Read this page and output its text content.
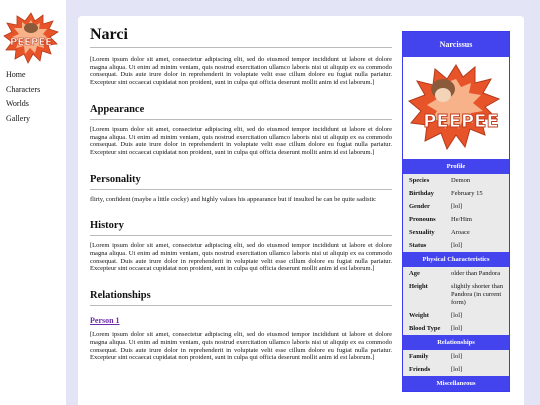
PEEPEE
Home
Characters
Worlds
Gallery
Narci

[Lorem ipsum dolor sit amet, consectetur adipiscing elit, sed do eiusmod tempor incididunt ut labore et dolore magna aliqua. Ut enim ad minim veniam, quis nostrud exercitation ullamco laboris nisi ut aliquip ex ea commodo consequat. Duis aute irure dolor in reprehenderit in voluptate velit esse cillum dolore eu fugiat nulla pariatur. Excepteur sint occaecat cupidatat non proident, sunt in culpa qui officia deserunt mollit anim id est laborum.]

Appearance

[Lorem ipsum dolor sit amet, consectetur adipiscing elit, sed do eiusmod tempor incididunt ut labore et dolore magna aliqua. Ut enim ad minim veniam, quis nostrud exercitation ullamco laboris nisi ut aliquip ex ea commodo consequat. Duis aute irure dolor in reprehenderit in voluptate velit esse cillum dolore eu fugiat nulla pariatur. Excepteur sint occaecat cupidatat non proident, sunt in culpa qui officia deserunt mollit anim id est laborum.]

Personality

flirty, confident (maybe a little cocky) and highly values his appearance but if insulted he can be quite sadistic

History

[Lorem ipsum dolor sit amet, consectetur adipiscing elit, sed do eiusmod tempor incididunt ut labore et dolore magna aliqua. Ut enim ad minim veniam, quis nostrud exercitation ullamco laboris nisi ut aliquip ex ea commodo consequat. Duis aute irure dolor in reprehenderit in voluptate velit esse cillum dolore eu fugiat nulla pariatur. Excepteur sint occaecat cupidatat non proident, sunt in culpa qui officia deserunt mollit anim id est laborum.]

Relationships
Person 1

[Lorem ipsum dolor sit amet, consectetur adipiscing elit, sed do eiusmod tempor incididunt ut labore et dolore magna aliqua. Ut enim ad minim veniam, quis nostrud exercitation ullamco laboris nisi ut aliquip ex ea commodo consequat. Duis aute irure dolor in reprehenderit in voluptate velit esse cillum dolore eu fugiat nulla pariatur. Excepteur sint occaecat cupidatat non proident, sunt in culpa qui officia deserunt mollit anim id est laborum.]

Narcissus
PEEPEE
Profile
Species	Demon
Birthday	February 15
Gender	[lol]
Pronouns	He/Him
Sexuality	Aroace
Status	[lol]
Physical Characteristics
Age	older than Pandora
Height	slightly shorter than Pandora (in current form)
Weight	[lol]
Blood Type	[lol]
Relationships
Family	[lol]
Friends	[lol]
Miscellaneous
